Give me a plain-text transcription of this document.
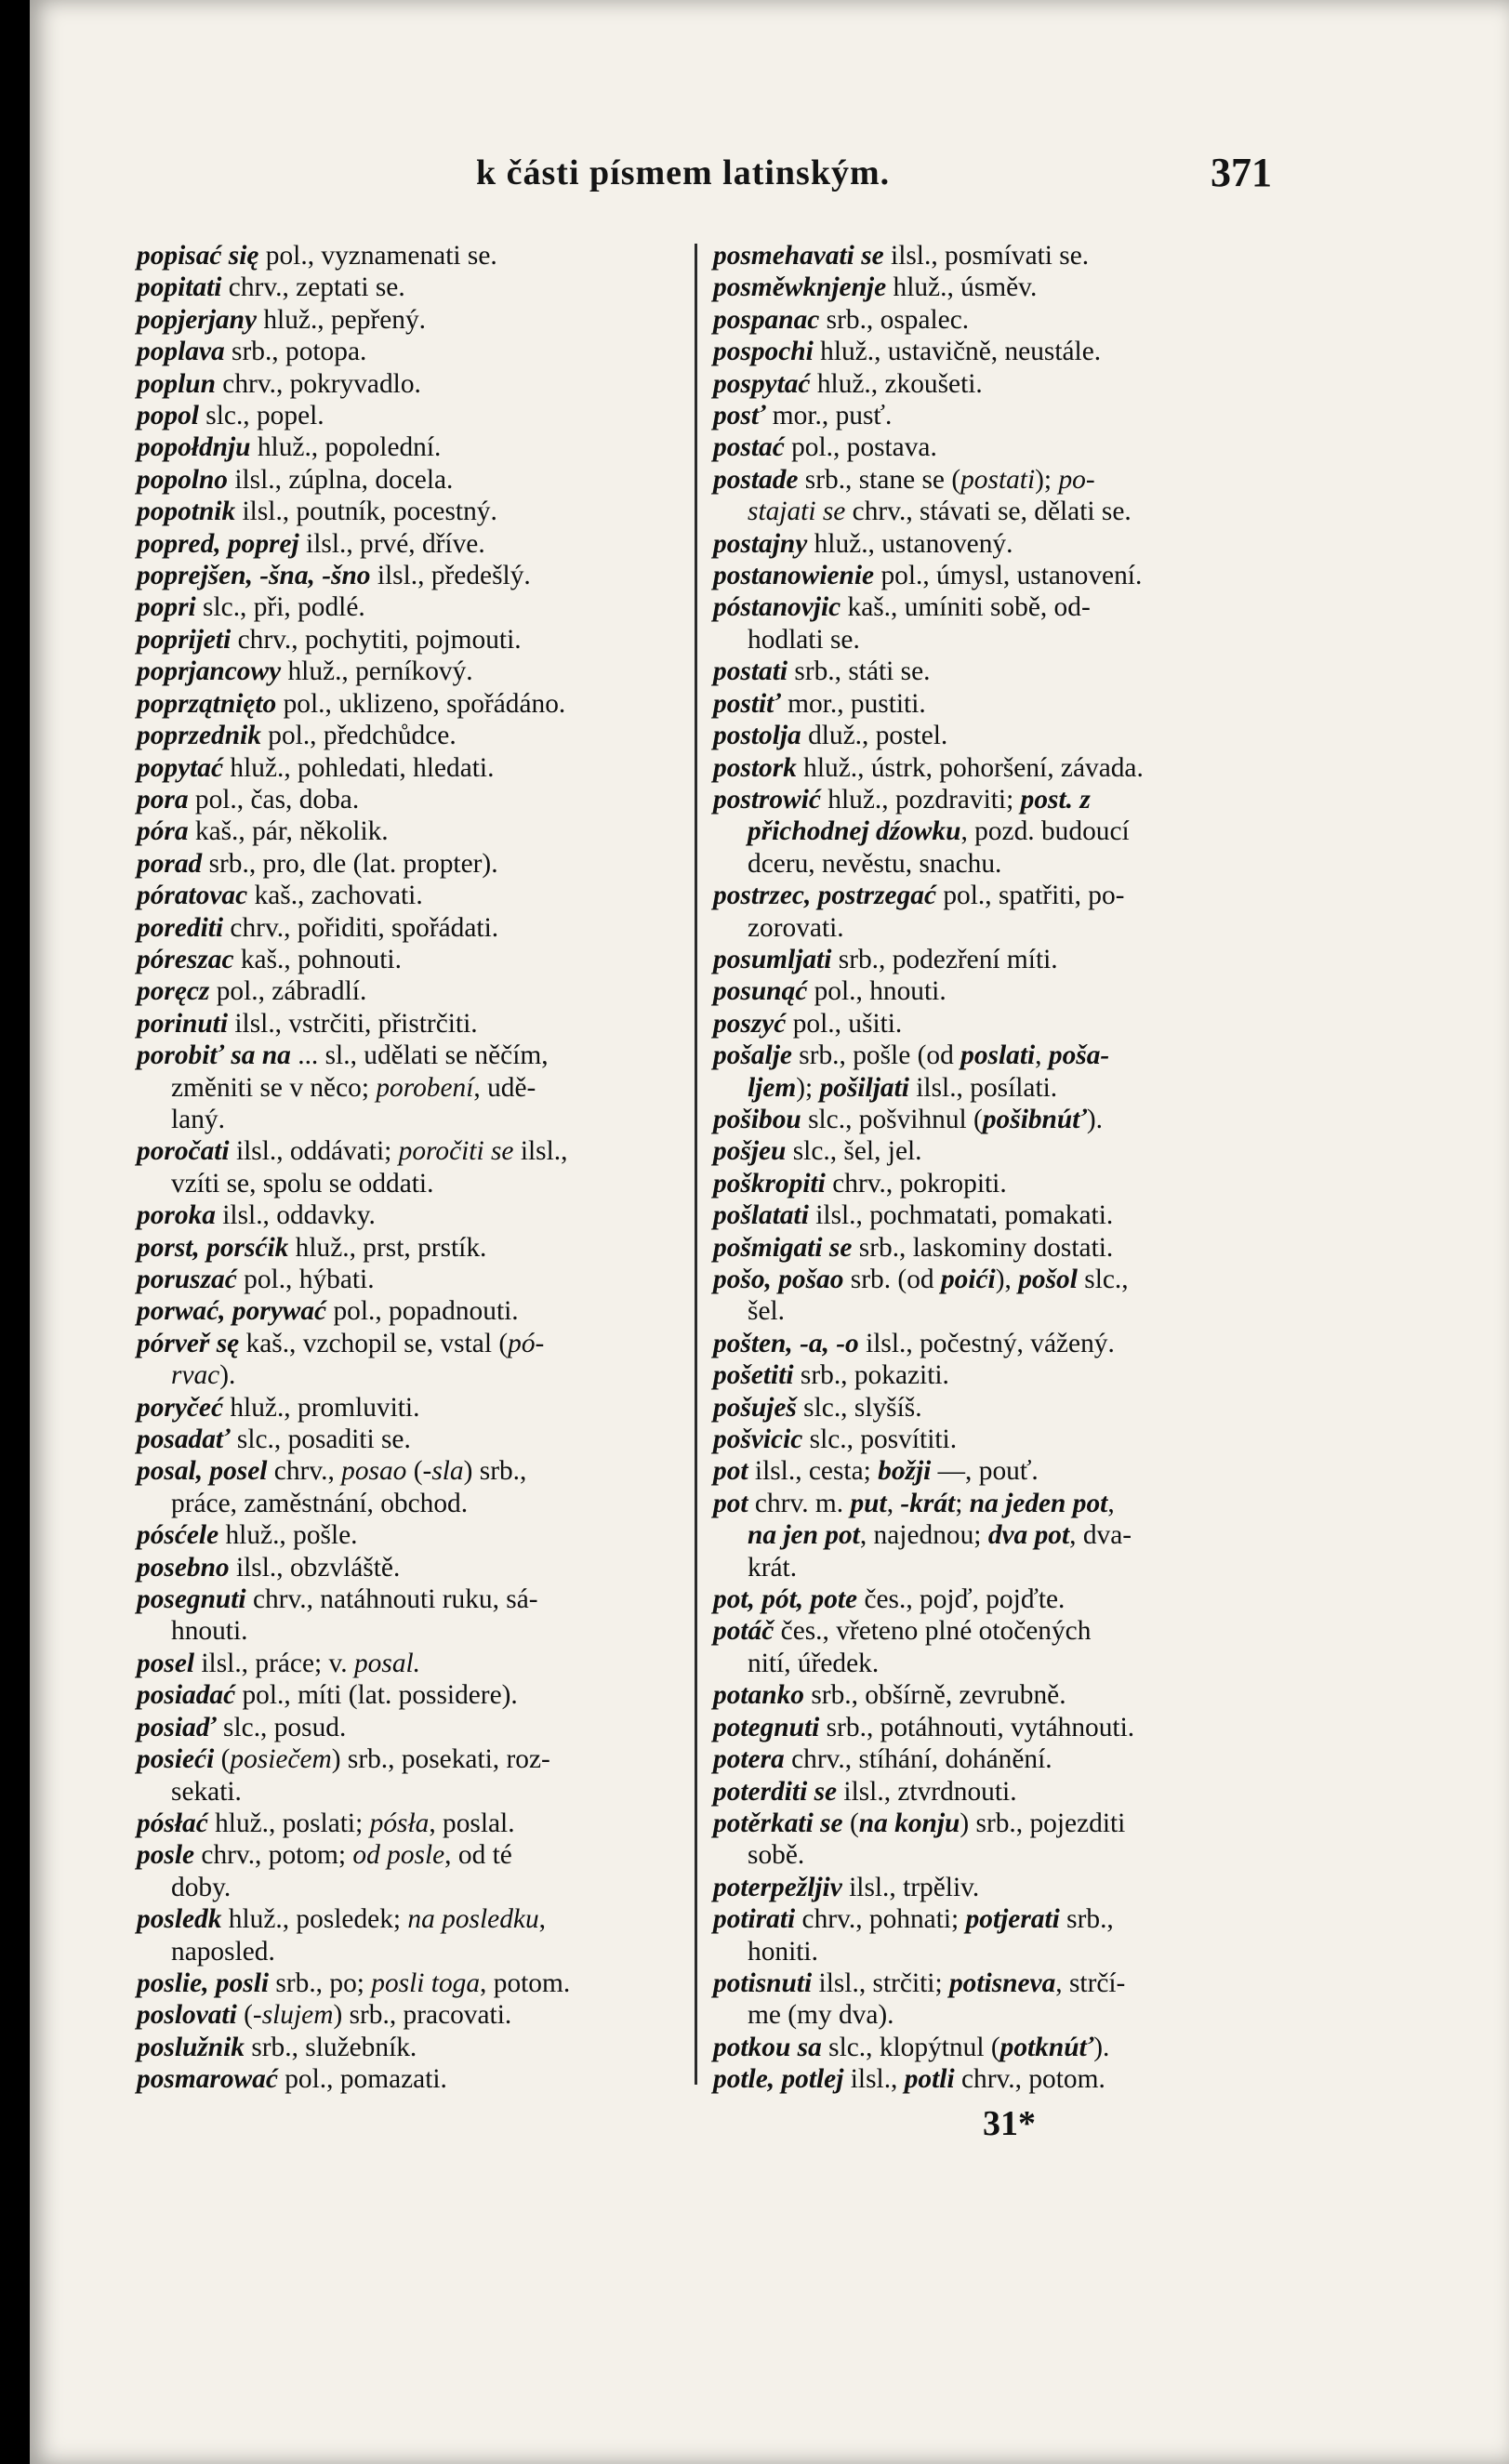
k části písmem latinským.	371
popisać się pol., vyznamenati se.
popitati chrv., zeptati se.
popjerjany hluž., pepřený.
poplava srb., potopa.
poplun chrv., pokryvadlo.
popol slc., popel.
popołdnju hluž., popolední.
popolno ilsl., zúplna, docela.
popotnik ilsl., poutník, pocestný.
popred, poprej ilsl., prvé, dříve.
poprejšen, -šna, -šno ilsl., předešlý.
popri slc., při, podlé.
poprijeti chrv., pochytiti, pojmouti.
poprjancowy hluž., perníkový.
poprzątnięto pol., uklizeno, spořádáno.
poprzednik pol., předchůdce.
popytać hluž., pohledati, hledati.
pora pol., čas, doba.
póra kaš., pár, několik.
porad srb., pro, dle (lat. propter).
póratovac kaš., zachovati.
porediti chrv., pořiditi, spořádati.
póreszac kaš., pohnouti.
poręcz pol., zábradlí.
porinuti ilsl., vstrčiti, přistrčiti.
porobiť sa na ... sl., udělati se něčím,
změniti se v něco; porobení, udě-
laný.
poročati ilsl., oddávati; poročiti se ilsl.,
vzíti se, spolu se oddati.
poroka ilsl., oddavky.
porst, porsćik hluž., prst, prstík.
poruszać pol., hýbati.
porwać, porywać pol., popadnouti.
pórveř sę kaš., vzchopil se, vstal (pó-
rvac).
poryčeć hluž., promluviti.
posadať slc., posaditi se.
posal, posel chrv., posao (-sla) srb.,
práce, zaměstnání, obchod.
pósćele hluž., pošle.
posebno ilsl., obzvláště.
posegnuti chrv., natáhnouti ruku, sá-
hnouti.
posel ilsl., práce; v. posal.
posiadać pol., míti (lat. possidere).
posiaď slc., posud.
posieći (posiečem) srb., posekati, roz-
sekati.
pósłać hluž., poslati; pósła, poslal.
posle chrv., potom; od posle, od té
doby.
posledk hluž., posledek; na posledku,
naposled.
poslie, posli srb., po; posli toga, potom.
poslovati (-slujem) srb., pracovati.
poslužnik srb., služebník.
posmarować pol., pomazati.
posmehavati se ilsl., posmívati se.
posměwknjenje hluž., úsměv.
pospanac srb., ospalec.
pospochi hluž., ustavičně, neustále.
pospytać hluž., zkoušeti.
posť mor., pusť.
postać pol., postava.
postade srb., stane se (postati); po-
stajati se chrv., stávati se, dělati se.
postajny hluž., ustanovený.
postanowienie pol., úmysl, ustanovení.
póstanovjic kaš., umíniti sobě, od-
hodlati se.
postati srb., státi se.
postiť mor., pustiti.
postolja dluž., postel.
postork hluž., ústrk, pohoršení, závada.
postrowić hluž., pozdraviti; post. z
přichodnej dźowku, pozd. budoucí
dceru, nevěstu, snachu.
postrzec, postrzegać pol., spatřiti, po-
zorovati.
posumljati srb., podezření míti.
posunąć pol., hnouti.
poszyć pol., ušiti.
pošalje srb., pošle (od poslati, poša-
ljem); pošiljati ilsl., posílati.
pošibou slc., pošvihnul (pošibnúť).
pošjeu slc., šel, jel.
poškropiti chrv., pokropiti.
pošlatati ilsl., pochmatati, pomakati.
pošmigati se srb., laskominy dostati.
pošo, pošao srb. (od poići), pošol slc.,
šel.
pošten, -a, -o ilsl., počestný, vážený.
pošetiti srb., pokaziti.
pošuješ slc., slyšíš.
pošvicic slc., posvítiti.
pot ilsl., cesta; božji —, pouť.
pot chrv. m. put, -krát; na jeden pot,
na jen pot, najednou; dva pot, dva-
krát.
pot, pót, pote čes., pojď, pojďte.
potáč čes., vřeteno plné otočených
nití, úředek.
potanko srb., obšírně, zevrubně.
potegnuti srb., potáhnouti, vytáhnouti.
potera chrv., stíhání, dohánění.
poterditi se ilsl., ztvrdnouti.
potěrkati se (na konju) srb., pojezditi
sobě.
poterpežljiv ilsl., trpěliv.
potirati chrv., pohnati; potjerati srb.,
honiti.
potisnuti ilsl., strčiti; potisneva, strčí-
me (my dva).
potkou sa slc., klopýtnul (potknúť).
potle, potlej ilsl., potli chrv., potom.
31*
